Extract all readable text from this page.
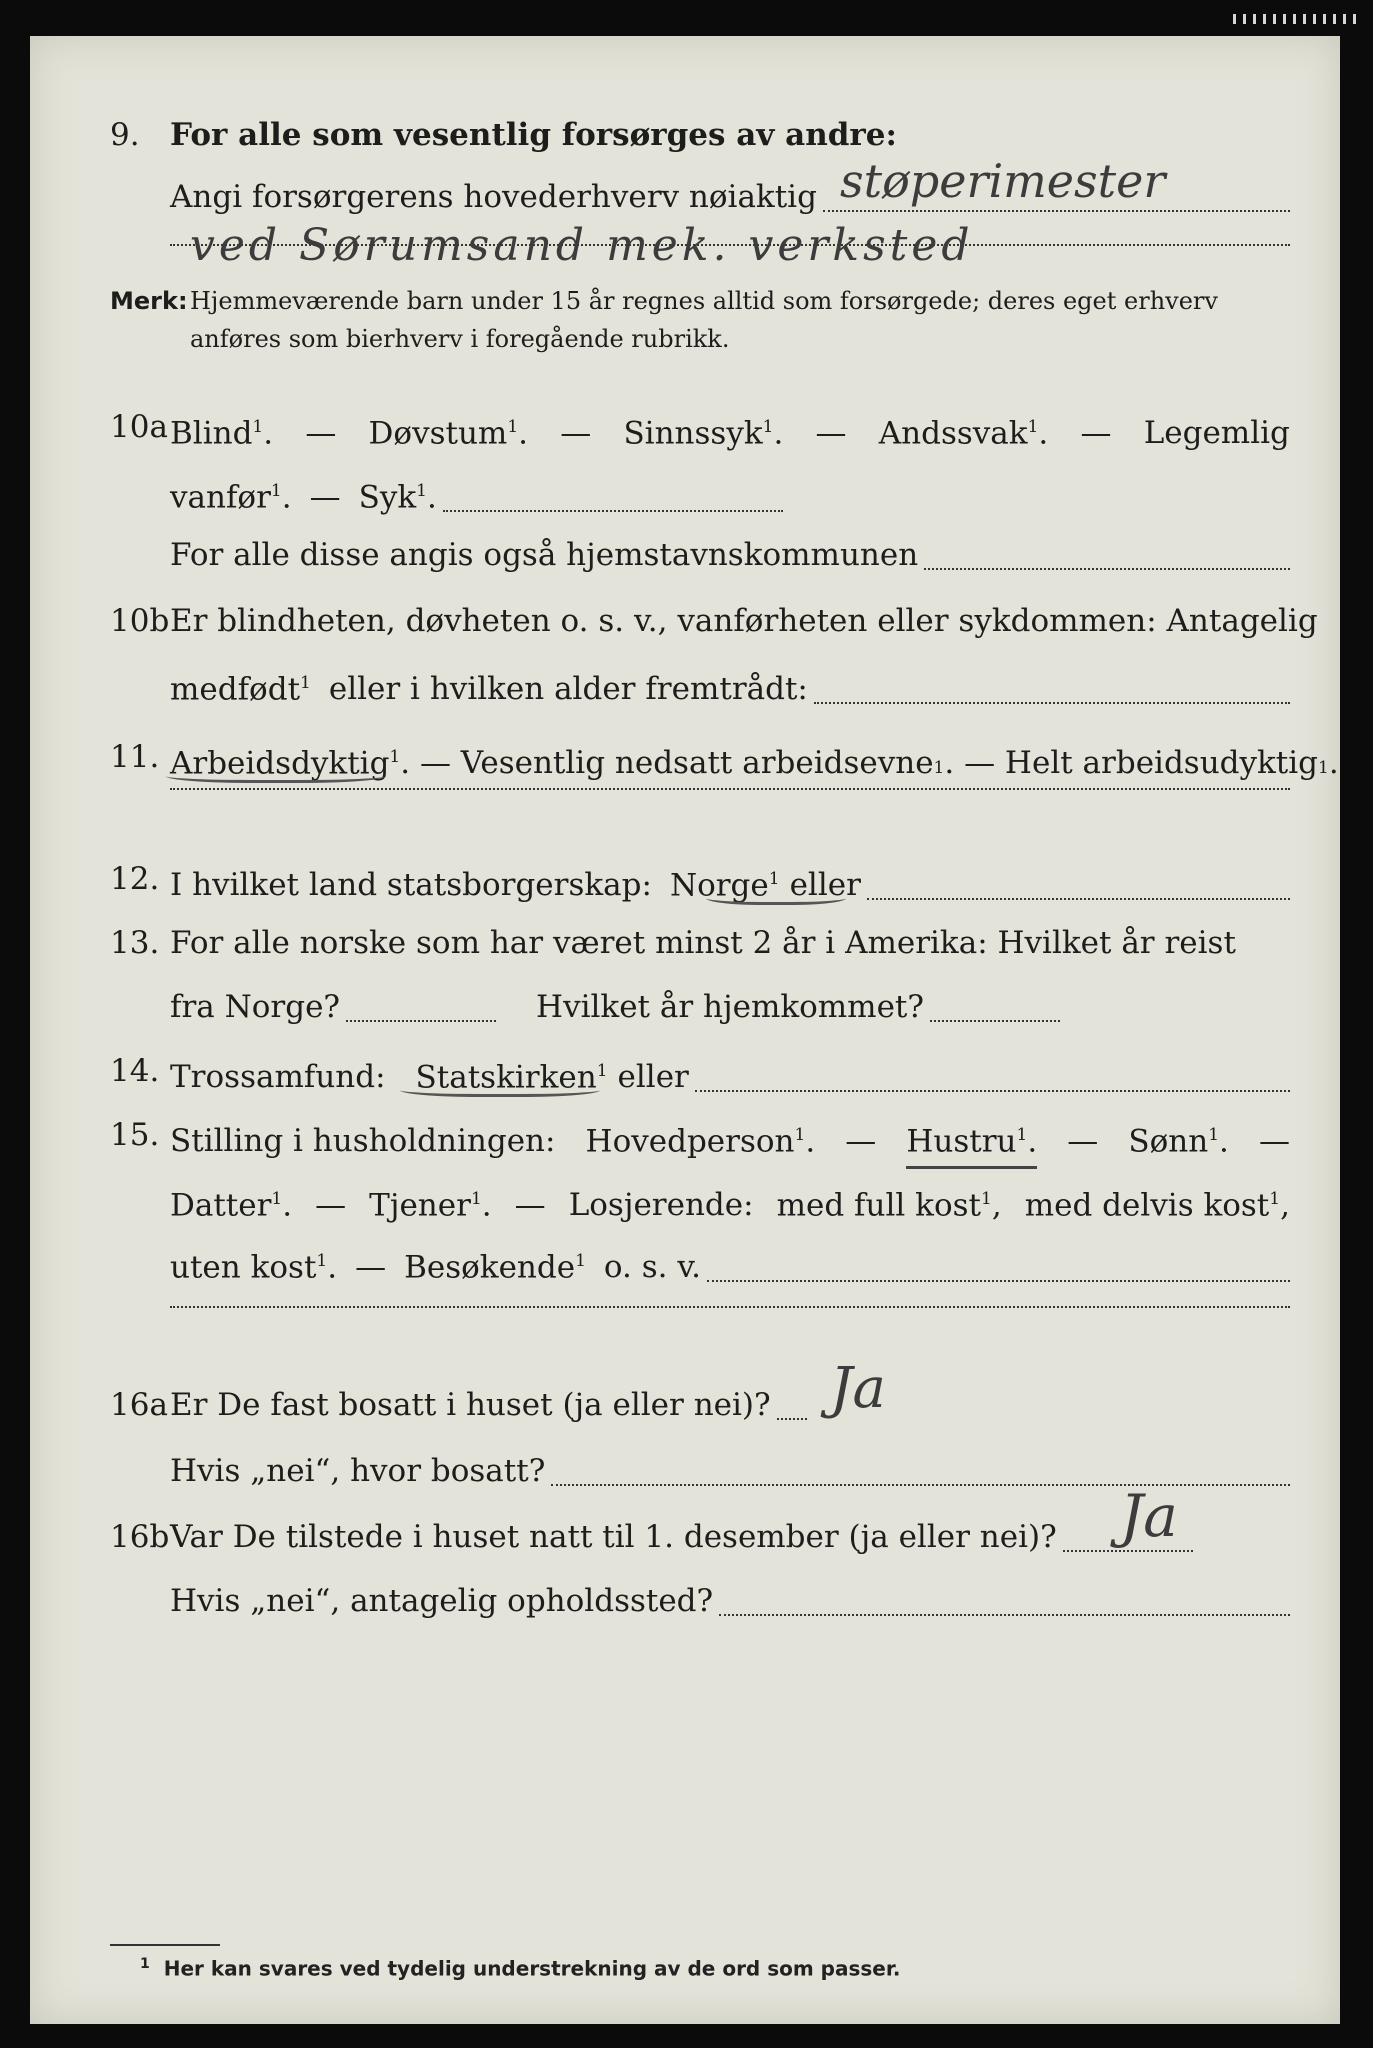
9. For alle som vesentlig forsørges av andre:
Angi forsørgerens hovederhverv nøiaktig støperimester
ved Sørumsand mek. verksted
Merk: Hjemmeværende barn under 15 år regnes alltid som forsørgede; deres eget erhverv
anføres som bierhverv i foregående rubrikk.
10a Blind$^1$. — Døvstum$^1$. — Sinnssyk$^1$. — Andssvak$^1$. — Legemlig
vanfør$^1$. — Syk$^1$.
For alle disse angis også hjemstavnskommunen
10b Er blindheten, døvheten o. s. v., vanførheten eller sykdommen: Antagelig
medfødt$^1$ eller i hvilken alder fremtrådt:
11. Arbeidsdyktig$^1$ . — Vesentlig nedsatt arbeidsevne 1 . — Helt arbeidsudyktig 1 .
12. I hvilket land statsborgerskap: Norge$^1$ eller
13. For alle norske som har været minst 2 år i Amerika: Hvilket år reist
fra Norge?	Hvilket år hjemkommet?
14. Trossamfund: Statskirken$^1$ eller
15. Stilling i husholdningen: Hovedperson$^1$. — Hustru$^1$. — Sønn$^1$. —
Datter$^1$. — Tjener$^1$. — Losjerende: med full kost$^1$, med delvis kost$^1$,
uten kost$^1$. — Besøkende$^1$ o. s. v.
16a Er De fast bosatt i huset (ja eller nei)? Ja
Hvis „nei“, hvor bosatt?
16b Var De tilstede i huset natt til 1. desember (ja eller nei)? Ja
Hvis „nei“, antagelig opholdssted?
$^1$ Her kan svares ved tydelig understrekning av de ord som passer.
